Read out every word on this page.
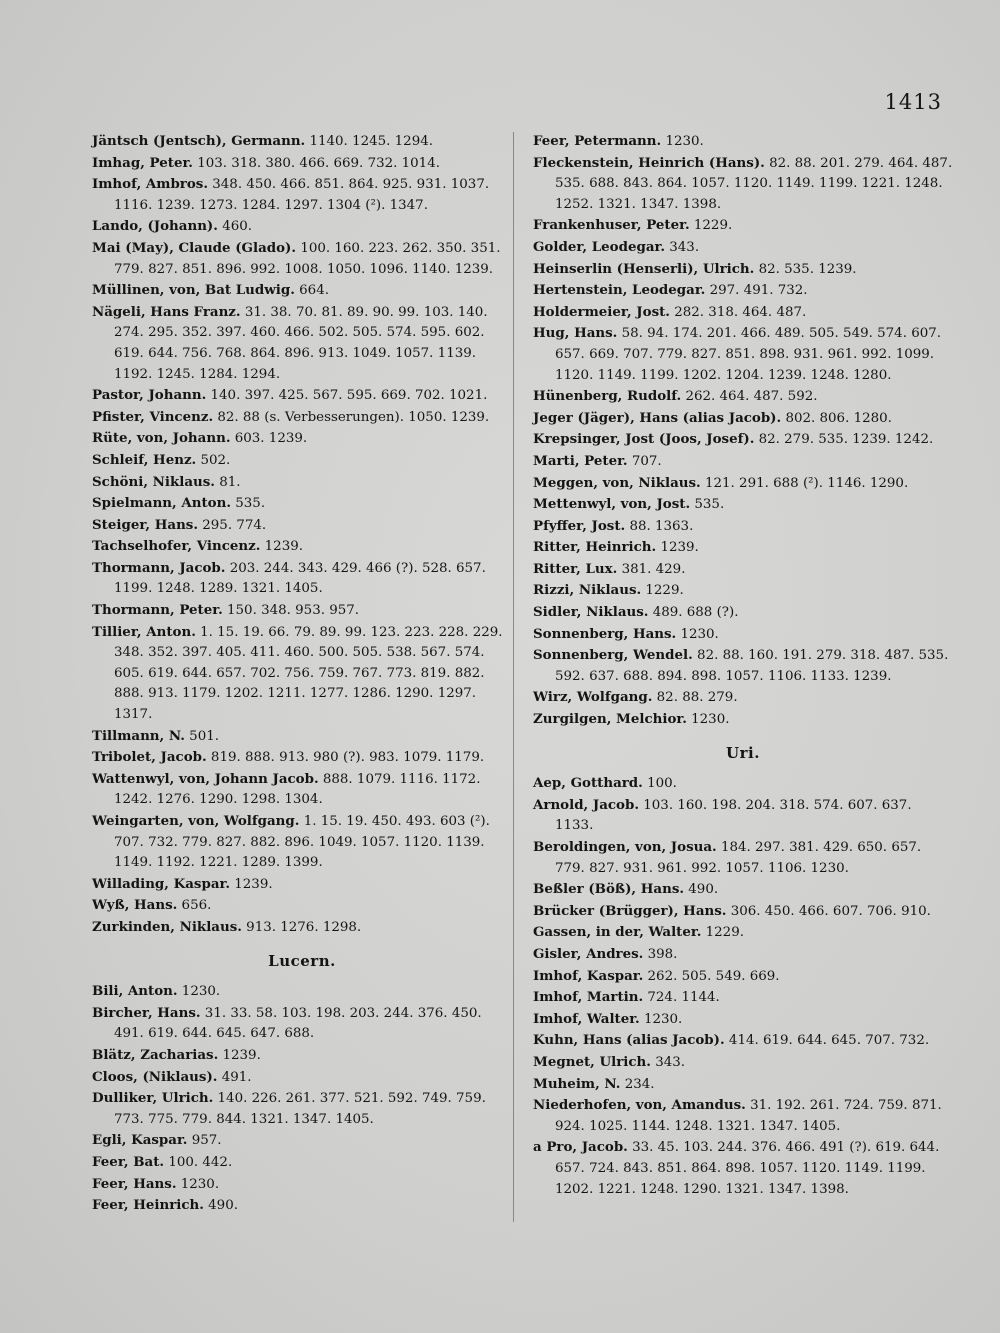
1413

Jäntsch (Jentsch), Germann. 1140. 1245. 1294.

Imhag, Peter. 103. 318. 380. 466. 669. 732. 1014.

Imhof, Ambros. 348. 450. 466. 851. 864. 925. 931. 1037. 1116. 1239. 1273. 1284. 1297. 1304 (²). 1347.

Lando, (Johann). 460.

Mai (May), Claude (Glado). 100. 160. 223. 262. 350. 351. 779. 827. 851. 896. 992. 1008. 1050. 1096. 1140. 1239.

Müllinen, von, Bat Ludwig. 664.

Nägeli, Hans Franz. 31. 38. 70. 81. 89. 90. 99. 103. 140. 274. 295. 352. 397. 460. 466. 502. 505. 574. 595. 602. 619. 644. 756. 768. 864. 896. 913. 1049. 1057. 1139. 1192. 1245. 1284. 1294.

Pastor, Johann. 140. 397. 425. 567. 595. 669. 702. 1021.

Pfister, Vincenz. 82. 88 (s. Verbesserungen). 1050. 1239.

Rüte, von, Johann. 603. 1239.

Schleif, Henz. 502.

Schöni, Niklaus. 81.

Spielmann, Anton. 535.

Steiger, Hans. 295. 774.

Tachselhofer, Vincenz. 1239.

Thormann, Jacob. 203. 244. 343. 429. 466 (?). 528. 657. 1199. 1248. 1289. 1321. 1405.

Thormann, Peter. 150. 348. 953. 957.

Tillier, Anton. 1. 15. 19. 66. 79. 89. 99. 123. 223. 228. 229. 348. 352. 397. 405. 411. 460. 500. 505. 538. 567. 574. 605. 619. 644. 657. 702. 756. 759. 767. 773. 819. 882. 888. 913. 1179. 1202. 1211. 1277. 1286. 1290. 1297. 1317.

Tillmann, N. 501.

Tribolet, Jacob. 819. 888. 913. 980 (?). 983. 1079. 1179.

Wattenwyl, von, Johann Jacob. 888. 1079. 1116. 1172. 1242. 1276. 1290. 1298. 1304.

Weingarten, von, Wolfgang. 1. 15. 19. 450. 493. 603 (²). 707. 732. 779. 827. 882. 896. 1049. 1057. 1120. 1139. 1149. 1192. 1221. 1289. 1399.

Willading, Kaspar. 1239.

Wyß, Hans. 656.

Zurkinden, Niklaus. 913. 1276. 1298.

Lucern.

Bili, Anton. 1230.

Bircher, Hans. 31. 33. 58. 103. 198. 203. 244. 376. 450. 491. 619. 644. 645. 647. 688.

Blätz, Zacharias. 1239.

Cloos, (Niklaus). 491.

Dulliker, Ulrich. 140. 226. 261. 377. 521. 592. 749. 759. 773. 775. 779. 844. 1321. 1347. 1405.

Egli, Kaspar. 957.

Feer, Bat. 100. 442.

Feer, Hans. 1230.

Feer, Heinrich. 490.

Feer, Petermann. 1230.

Fleckenstein, Heinrich (Hans). 82. 88. 201. 279. 464. 487. 535. 688. 843. 864. 1057. 1120. 1149. 1199. 1221. 1248. 1252. 1321. 1347. 1398.

Frankenhuser, Peter. 1229.

Golder, Leodegar. 343.

Heinserlin (Henserli), Ulrich. 82. 535. 1239.

Hertenstein, Leodegar. 297. 491. 732.

Holdermeier, Jost. 282. 318. 464. 487.

Hug, Hans. 58. 94. 174. 201. 466. 489. 505. 549. 574. 607. 657. 669. 707. 779. 827. 851. 898. 931. 961. 992. 1099. 1120. 1149. 1199. 1202. 1204. 1239. 1248. 1280.

Hünenberg, Rudolf. 262. 464. 487. 592.

Jeger (Jäger), Hans (alias Jacob). 802. 806. 1280.

Krepsinger, Jost (Joos, Josef). 82. 279. 535. 1239. 1242.

Marti, Peter. 707.

Meggen, von, Niklaus. 121. 291. 688 (²). 1146. 1290.

Mettenwyl, von, Jost. 535.

Pfyffer, Jost. 88. 1363.

Ritter, Heinrich. 1239.

Ritter, Lux. 381. 429.

Rizzi, Niklaus. 1229.

Sidler, Niklaus. 489. 688 (?).

Sonnenberg, Hans. 1230.

Sonnenberg, Wendel. 82. 88. 160. 191. 279. 318. 487. 535. 592. 637. 688. 894. 898. 1057. 1106. 1133. 1239.

Wirz, Wolfgang. 82. 88. 279.

Zurgilgen, Melchior. 1230.

Uri.

Aep, Gotthard. 100.

Arnold, Jacob. 103. 160. 198. 204. 318. 574. 607. 637. 1133.

Beroldingen, von, Josua. 184. 297. 381. 429. 650. 657. 779. 827. 931. 961. 992. 1057. 1106. 1230.

Beßler (Böß), Hans. 490.

Brücker (Brügger), Hans. 306. 450. 466. 607. 706. 910.

Gassen, in der, Walter. 1229.

Gisler, Andres. 398.

Imhof, Kaspar. 262. 505. 549. 669.

Imhof, Martin. 724. 1144.

Imhof, Walter. 1230.

Kuhn, Hans (alias Jacob). 414. 619. 644. 645. 707. 732.

Megnet, Ulrich. 343.

Muheim, N. 234.

Niederhofen, von, Amandus. 31. 192. 261. 724. 759. 871. 924. 1025. 1144. 1248. 1321. 1347. 1405.

a Pro, Jacob. 33. 45. 103. 244. 376. 466. 491 (?). 619. 644. 657. 724. 843. 851. 864. 898. 1057. 1120. 1149. 1199. 1202. 1221. 1248. 1290. 1321. 1347. 1398.
